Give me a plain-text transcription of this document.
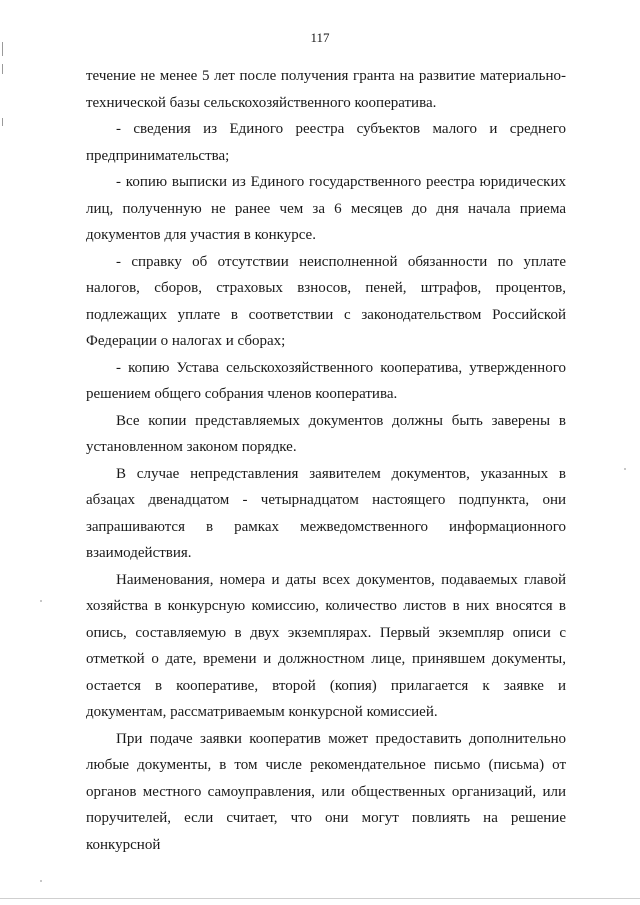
117

течение не менее 5 лет после получения гранта на развитие материально-технической базы сельскохозяйственного кооператива.

- сведения из Единого реестра субъектов малого и среднего предпринимательства;

- копию выписки из Единого государственного реестра юридических лиц, полученную не ранее чем за 6 месяцев до дня начала приема документов для участия в конкурсе.

- справку об отсутствии неисполненной обязанности по уплате налогов, сборов, страховых взносов, пеней, штрафов, процентов, подлежащих уплате в соответствии с законодательством Российской Федерации о налогах и сборах;

- копию Устава сельскохозяйственного кооператива, утвержденного решением общего собрания членов кооператива.

Все копии представляемых документов должны быть заверены в установленном законом порядке.

В случае непредставления заявителем документов, указанных в абзацах двенадцатом - четырнадцатом настоящего подпункта, они запрашиваются в рамках межведомственного информационного взаимодействия.

Наименования, номера и даты всех документов, подаваемых главой хозяйства в конкурсную комиссию, количество листов в них вносятся в опись, составляемую в двух экземплярах. Первый экземпляр описи с отметкой о дате, времени и должностном лице, принявшем документы, остается в кооперативе, второй (копия) прилагается к заявке и документам, рассматриваемым конкурсной комиссией.

При подаче заявки кооператив может предоставить дополнительно любые документы, в том числе рекомендательное письмо (письма) от органов местного самоуправления, или общественных организаций, или поручителей, если считает, что они могут повлиять на решение конкурсной
